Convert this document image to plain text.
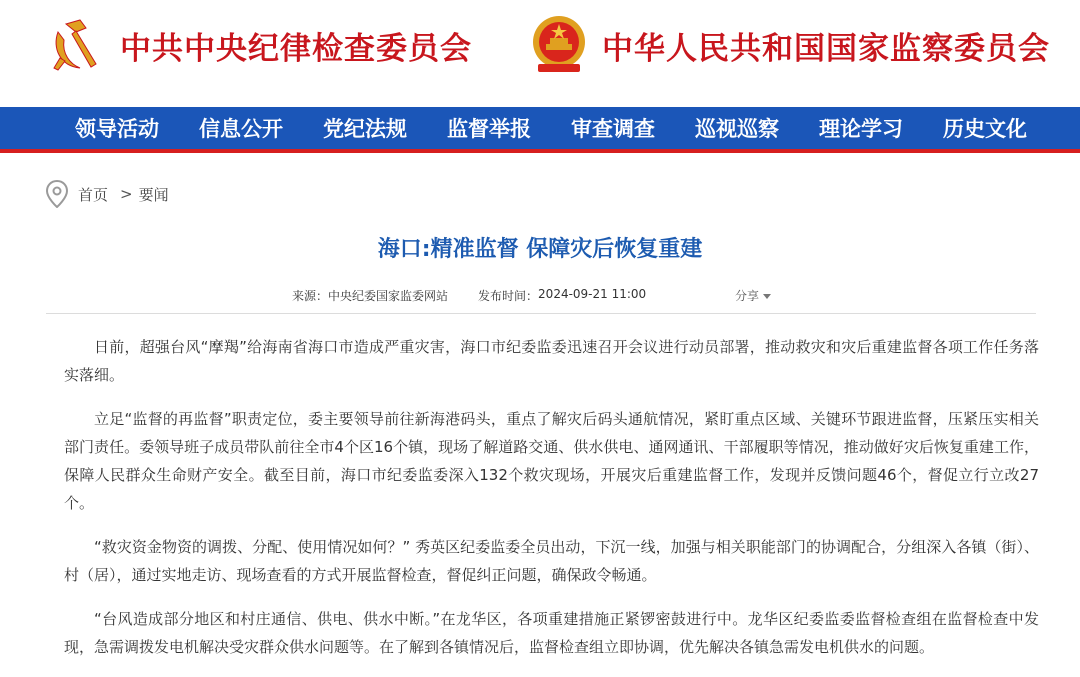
中共中央纪律检查委员会	中华人民共和国国家监察委员会
领导活动	信息公开	党纪法规	监督举报	审查调查	巡视巡察	理论学习	历史文化
首页 > 要闻
海口:精准监督 保障灾后恢复重建
来源： 中央纪委国家监委网站	发布时间： 2024-09-21 11:00	分享

日前，超强台风“摩羯”给海南省海口市造成严重灾害，海口市纪委监委迅速召开会议进行动员部署，推动救灾和灾后重建监督各项工作任务落实落细。

立足“监督的再监督”职责定位，委主要领导前往新海港码头，重点了解灾后码头通航情况，紧盯重点区域、关键环节跟进监督，压紧压实相关部门责任。委领导班子成员带队前往全市4个区16个镇，现场了解道路交通、供水供电、通网通讯、干部履职等情况，推动做好灾后恢复重建工作，保障人民群众生命财产安全。截至目前，海口市纪委监委深入132个救灾现场，开展灾后重建监督工作，发现并反馈问题46个，督促立行立改27个。

“救灾资金物资的调拨、分配、使用情况如何？” 秀英区纪委监委全员出动，下沉一线，加强与相关职能部门的协调配合，分组深入各镇（街）、村（居），通过实地走访、现场查看的方式开展监督检查，督促纠正问题，确保政令畅通。

“台风造成部分地区和村庄通信、供电、供水中断。”在龙华区，各项重建措施正紧锣密鼓进行中。龙华区纪委监委监督检查组在监督检查中发现，急需调拨发电机解决受灾群众供水问题等。在了解到各镇情况后，监督检查组立即协调，优先解决各镇急需发电机供水的问题。
